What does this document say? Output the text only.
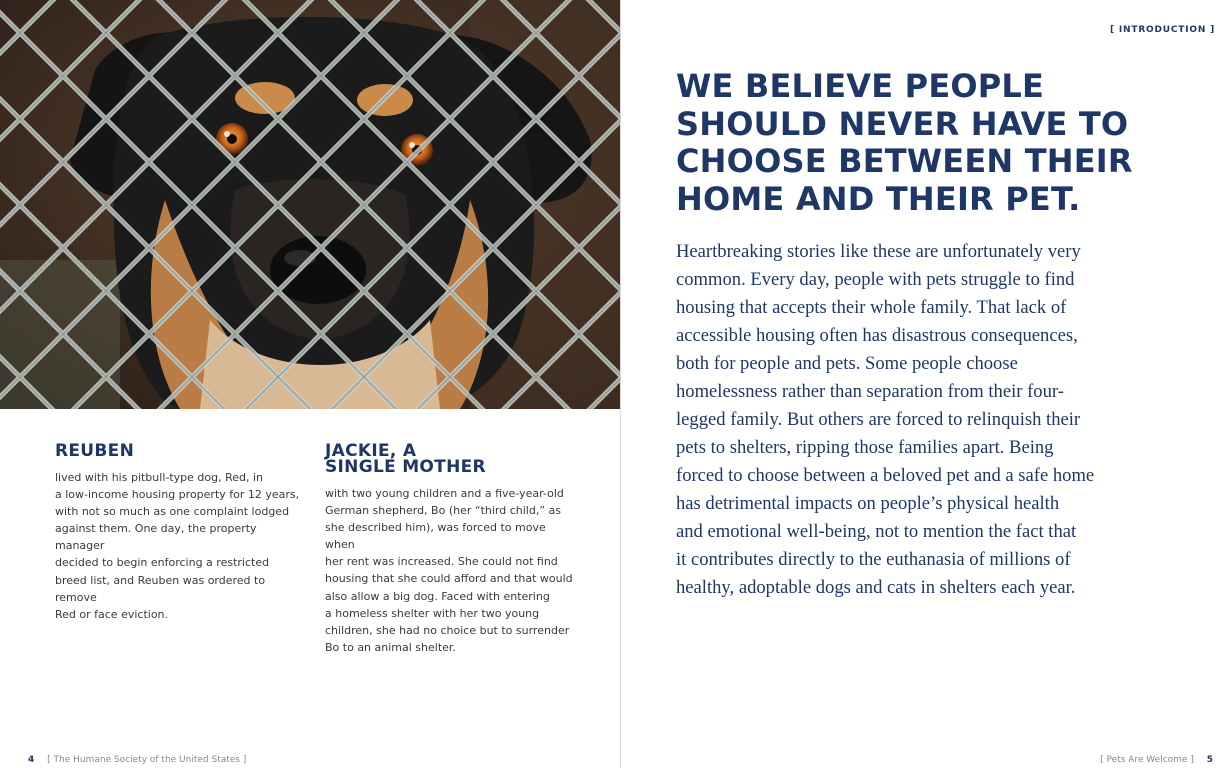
REUBEN

lived with his pitbull-type dog, Red, in
a low-income housing property for 12 years,
with not so much as one complaint lodged
against them. One day, the property manager
decided to begin enforcing a restricted
breed list, and Reuben was ordered to remove
Red or face eviction.

JACKIE, A
SINGLE MOTHER

with two young children and a five-year-old
German shepherd, Bo (her “third child,” as
she described him), was forced to move when
her rent was increased. She could not find
housing that she could afford and that would
also allow a big dog. Faced with entering
a homeless shelter with her two young
children, she had no choice but to surrender
Bo to an animal shelter.

4 [ The Humane Society of the United States ]
[ INTRODUCTION ]
WE BELIEVE PEOPLE
SHOULD NEVER HAVE TO
CHOOSE BETWEEN THEIR
HOME AND THEIR PET.

Heartbreaking stories like these are unfortunately very
common. Every day, people with pets struggle to find
housing that accepts their whole family. That lack of
accessible housing often has disastrous consequences,
both for people and pets. Some people choose
homelessness rather than separation from their four-
legged family. But others are forced to relinquish their
pets to shelters, ripping those families apart. Being
forced to choose between a beloved pet and a safe home
has detrimental impacts on people’s physical health
and emotional well-being, not to mention the fact that
it contributes directly to the euthanasia of millions of
healthy, adoptable dogs and cats in shelters each year.

[ Pets Are Welcome ] 5
